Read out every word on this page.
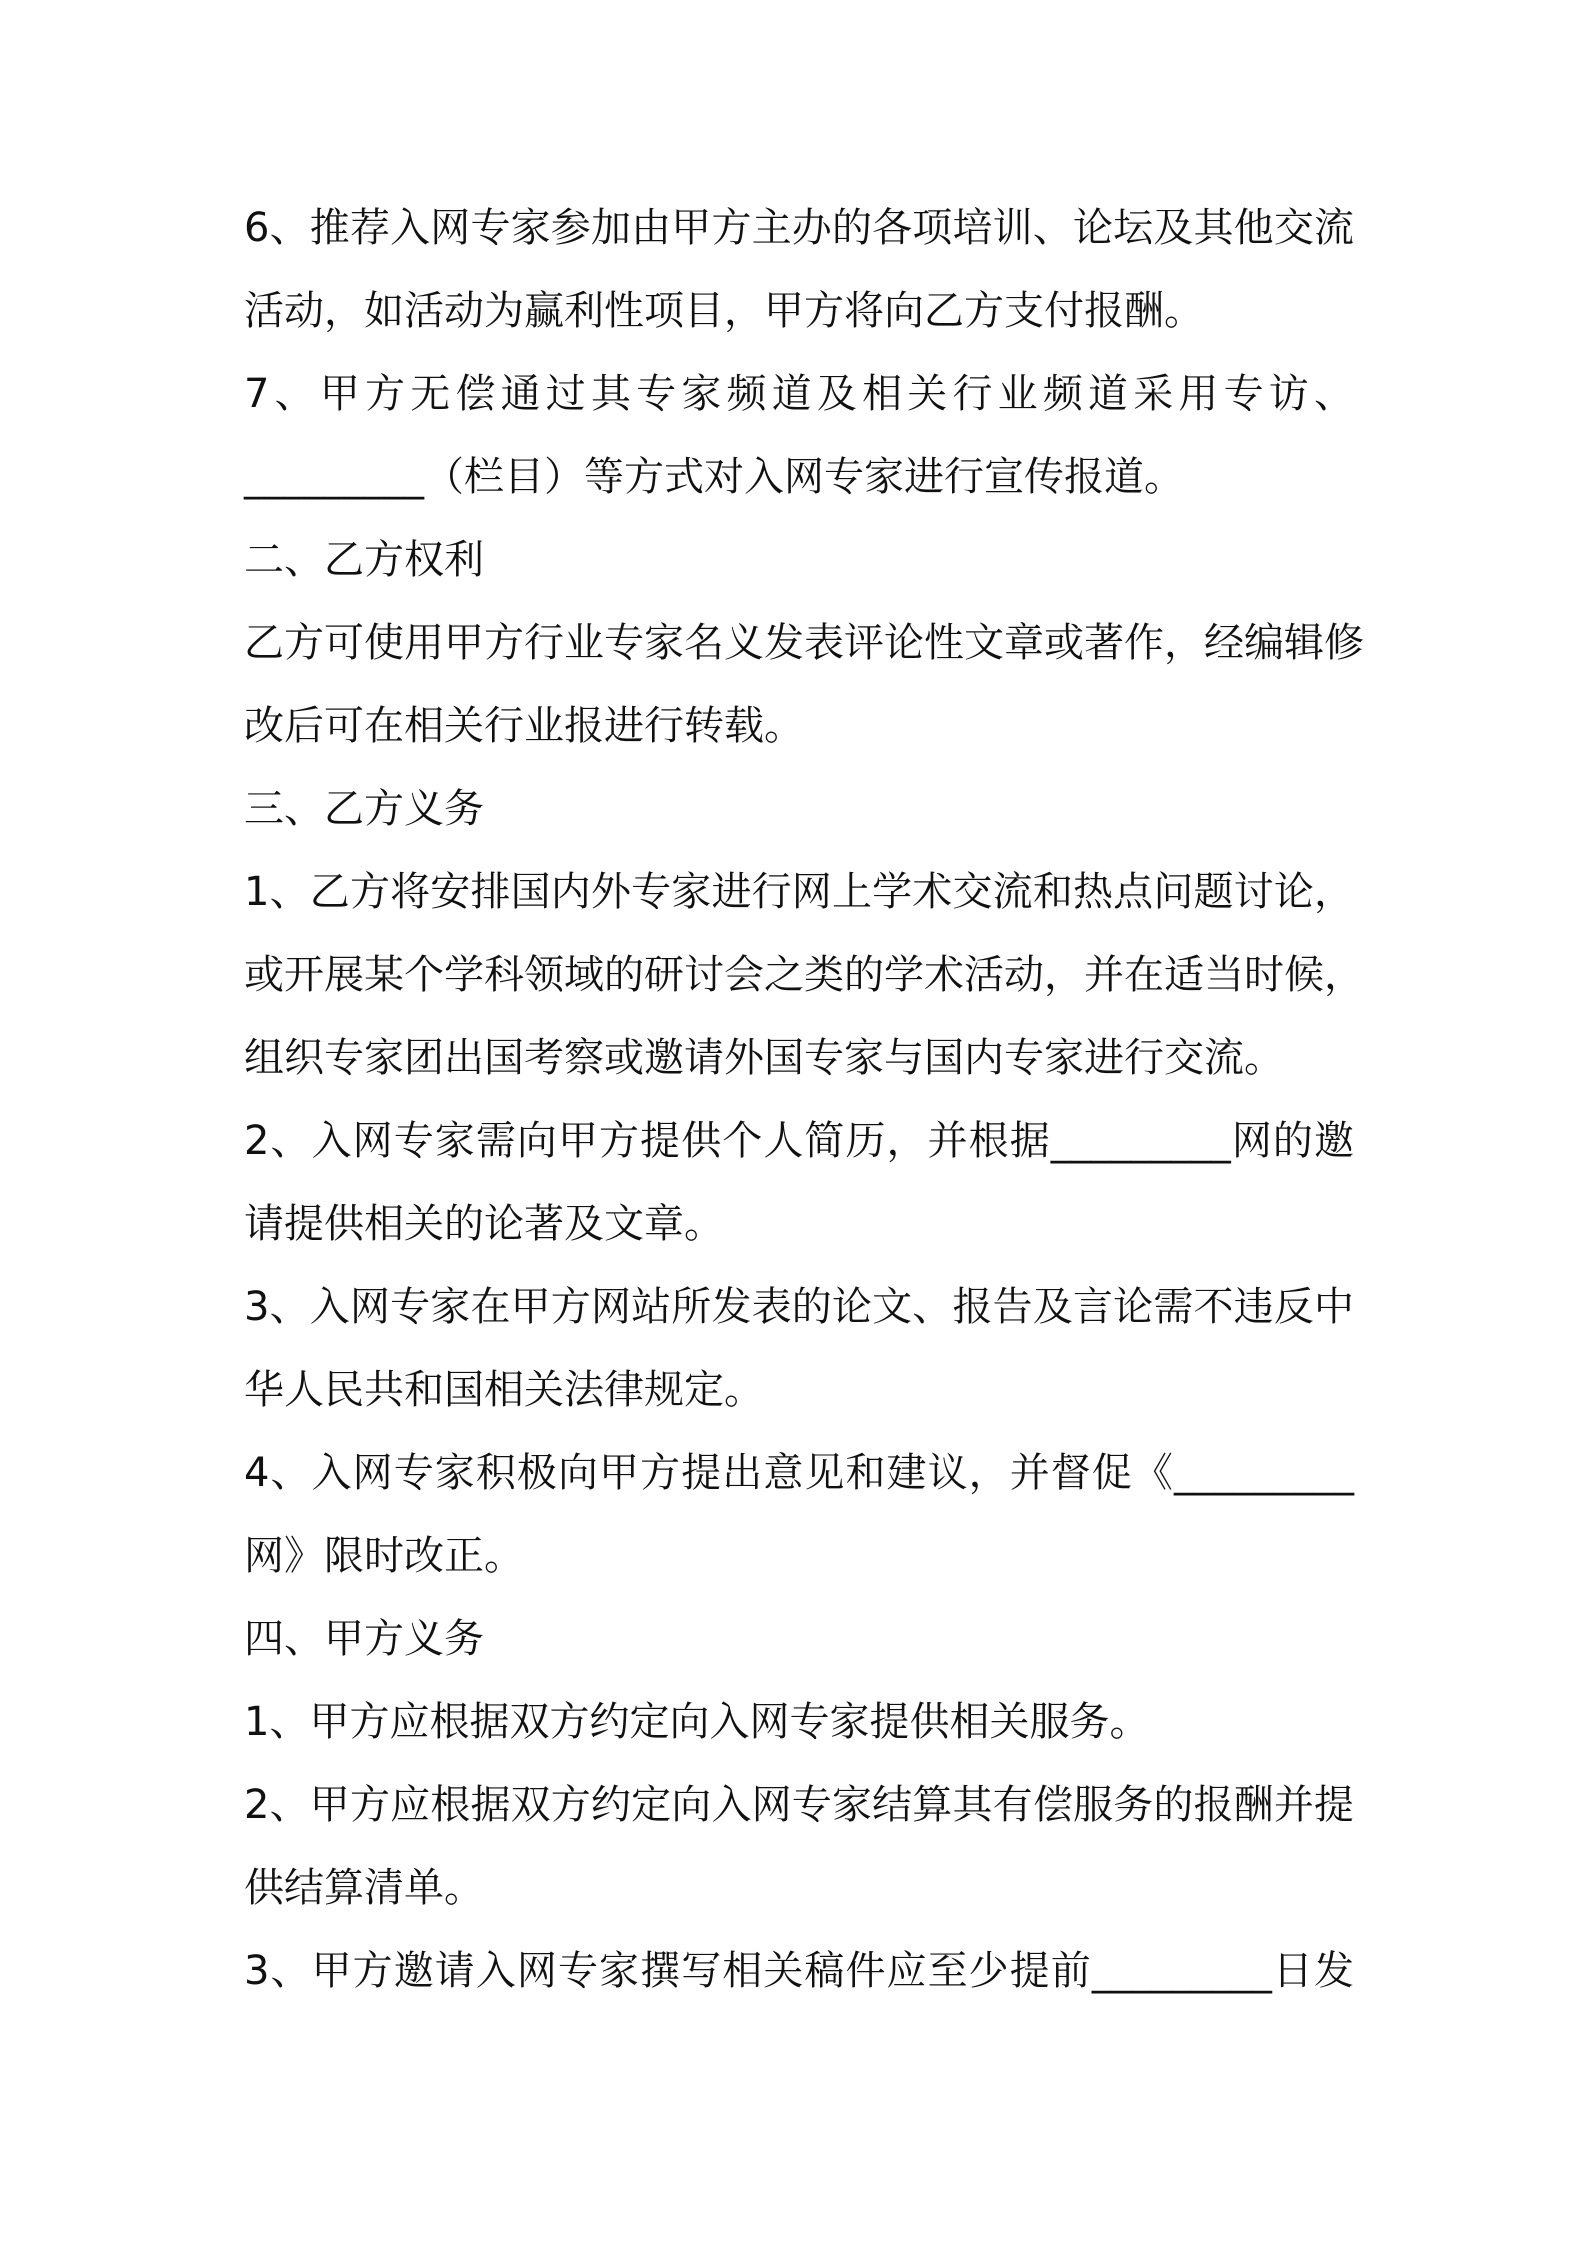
6、推荐入网专家参加由甲方主办的各项培训、论坛及其他交流
活动，如活动为赢利性项目，甲方将向乙方支付报酬。
7、甲方无偿通过其专家频道及相关行业频道采用专访、
_________（栏目）等方式对入网专家进行宣传报道。
二、乙方权利
乙方可使用甲方行业专家名义发表评论性文章或著作，经编辑修
改后可在相关行业报进行转载。
三、乙方义务
1、乙方将安排国内外专家进行网上学术交流和热点问题讨论，
或开展某个学科领域的研讨会之类的学术活动，并在适当时候，
组织专家团出国考察或邀请外国专家与国内专家进行交流。
2、入网专家需向甲方提供个人简历，并根据_________网的邀
请提供相关的论著及文章。
3、入网专家在甲方网站所发表的论文、报告及言论需不违反中
华人民共和国相关法律规定。
4、入网专家积极向甲方提出意见和建议，并督促《_________
网》限时改正。
四、甲方义务
1、甲方应根据双方约定向入网专家提供相关服务。
2、甲方应根据双方约定向入网专家结算其有偿服务的报酬并提
供结算清单。
3、甲方邀请入网专家撰写相关稿件应至少提前_________日发
